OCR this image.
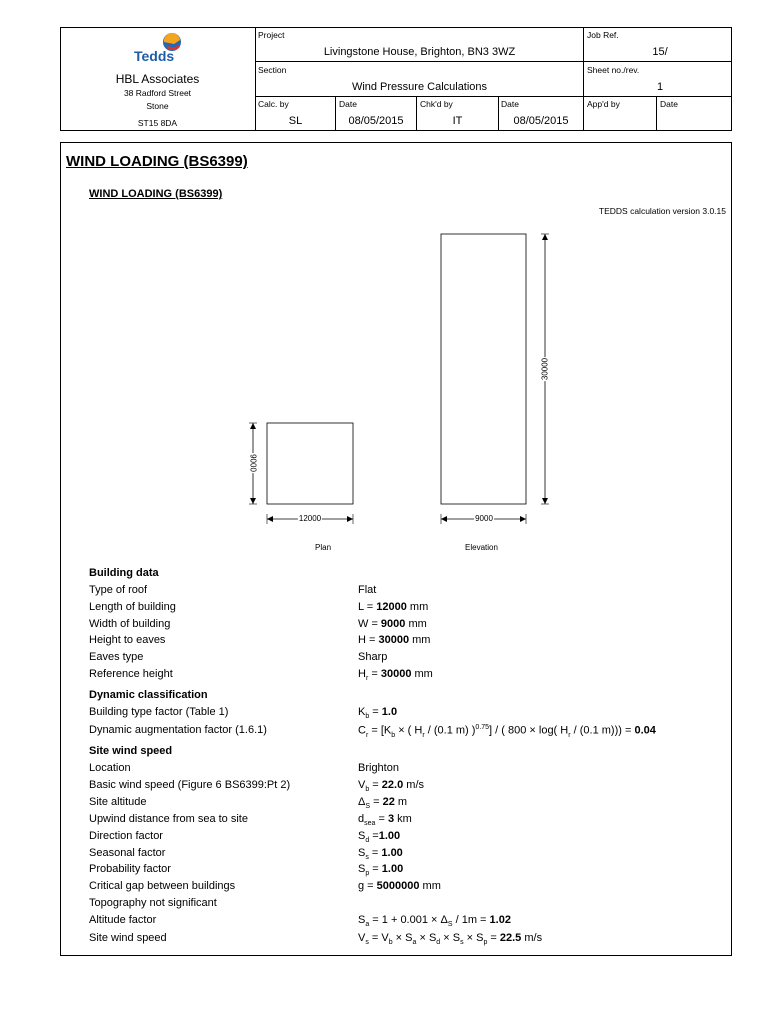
Tedds
HBL Associates
38 Radford Street
Stone
ST15 8DA
Project
Livingstone House, Brighton, BN3 3WZ
Job Ref.
15/
Section
Wind Pressure Calculations
Sheet no./rev.
1
Calc. by
SL
Date
08/05/2015
Chk'd by
IT
Date
08/05/2015
App'd by	Date
WIND LOADING (BS6399)
WIND LOADING (BS6399)
TEDDS calculation version 3.0.15
12000
9000
Plan
9000
30000
Elevation
Building data
Type of roof	Flat
Length of building	L = 12000 mm
Width of building	W = 9000 mm
Height to eaves	H = 30000 mm
Eaves type	Sharp
Reference height	$H_r = 30000$ mm
Dynamic classification
Building type factor (Table 1)	$K_b = 1.0$
Dynamic augmentation factor (1.6.1)	$C_r = [K_b$ × ( $H_r / (0.1$ m) )$^{0.75}$] / ( 800 × log( $H_r / (0.1$ m))) = 0.04
Site wind speed
Location	Brighton
Basic wind speed (Figure 6 BS6399:Pt 2)	$V_b = 22.0$ m/s
Site altitude	$\Delta_S = 22$ m
Upwind distance from sea to site	$d_{sea} = 3$ km
Direction factor	$S_d =1.00$
Seasonal factor	$S_s = 1.00$
Probability factor	$S_p = 1.00$
Critical gap between buildings	g = 5000000 mm
Topography not significant
Altitude factor	$S_a = 1 + 0.001 \times \Delta_S / 1m = 1.02$
Site wind speed	$V_s = V_b \times S_a \times S_d \times S_s \times S_p = 22.5$ m/s
